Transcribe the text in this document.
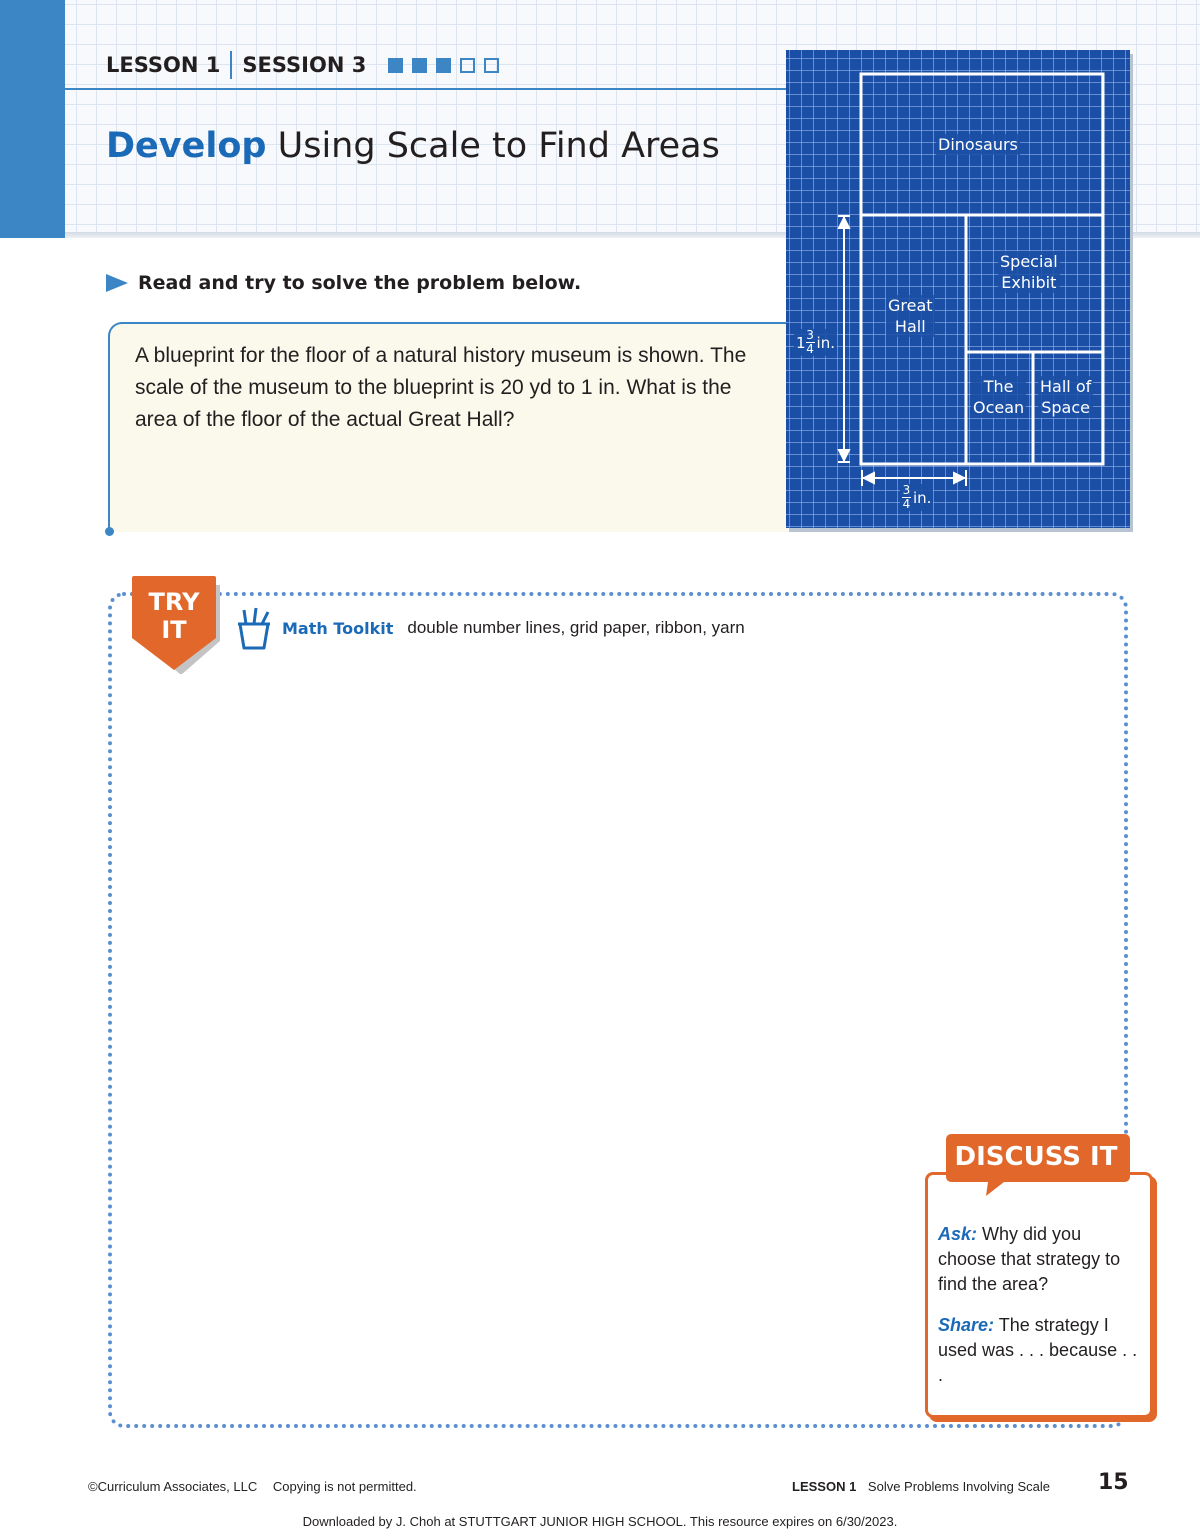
LESSON 1 SESSION 3
Develop Using Scale to Find Areas
Read and try to solve the problem below.
A blueprint for the floor of a natural history museum is shown. The scale of the museum to the blueprint is 20 yd to 1 in. What is the area of the floor of the actual Great Hall?
Dinosaurs
Special
Exhibit
Great
Hall
The
Ocean
Hall of
Space
$1 \frac{3}{4}$ in.
$\frac{3}{4}$ in.
TRY
IT	Math Toolkit double number lines, grid paper, ribbon, yarn
DISCUSS IT

Ask: Why did you choose that strategy to find the area?

Share: The strategy I used was . . . because . . .

©Curriculum Associates, LLC Copying is not permitted.	LESSON 1 Solve Problems Involving Scale 15
Downloaded by J. Choh at STUTTGART JUNIOR HIGH SCHOOL. This resource expires on 6/30/2023.
